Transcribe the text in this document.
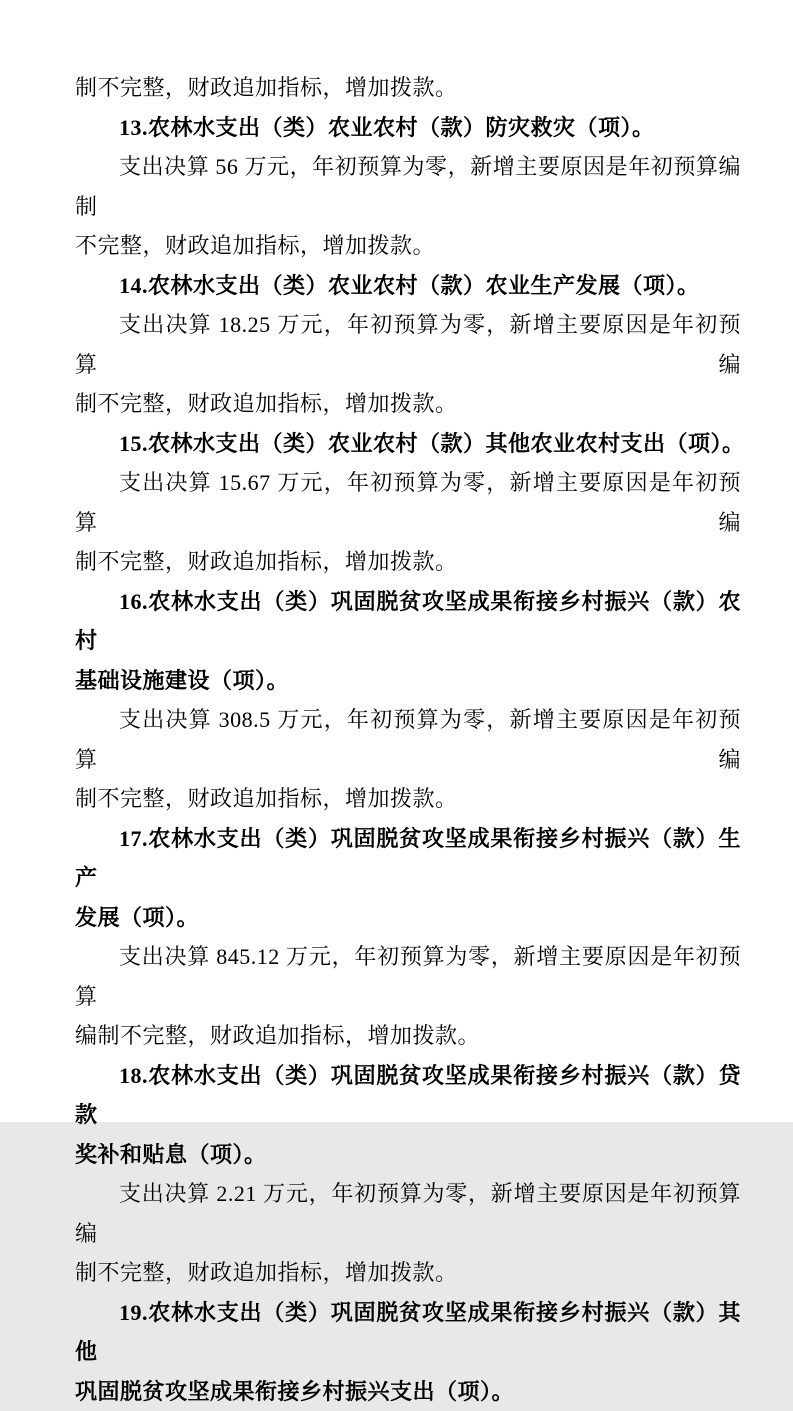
制不完整，财政追加指标，增加拨款。
13.农林水支出（类）农业农村（款）防灾救灾（项）。
支出决算 56 万元，年初预算为零，新增主要原因是年初预算编制
不完整，财政追加指标，增加拨款。
14.农林水支出（类）农业农村（款）农业生产发展（项）。
支出决算 18.25 万元，年初预算为零，新增主要原因是年初预算编
制不完整，财政追加指标，增加拨款。
15.农林水支出（类）农业农村（款）其他农业农村支出（项）。
支出决算 15.67 万元，年初预算为零，新增主要原因是年初预算编
制不完整，财政追加指标，增加拨款。
16.农林水支出（类）巩固脱贫攻坚成果衔接乡村振兴（款）农村
基础设施建设（项）。
支出决算 308.5 万元，年初预算为零，新增主要原因是年初预算编
制不完整，财政追加指标，增加拨款。
17.农林水支出（类）巩固脱贫攻坚成果衔接乡村振兴（款）生产
发展（项）。
支出决算 845.12 万元，年初预算为零，新增主要原因是年初预算
编制不完整，财政追加指标，增加拨款。
18.农林水支出（类）巩固脱贫攻坚成果衔接乡村振兴（款）贷款
奖补和贴息（项）。
支出决算 2.21 万元，年初预算为零，新增主要原因是年初预算编
制不完整，财政追加指标，增加拨款。
19.农林水支出（类）巩固脱贫攻坚成果衔接乡村振兴（款）其他
巩固脱贫攻坚成果衔接乡村振兴支出（项）。
